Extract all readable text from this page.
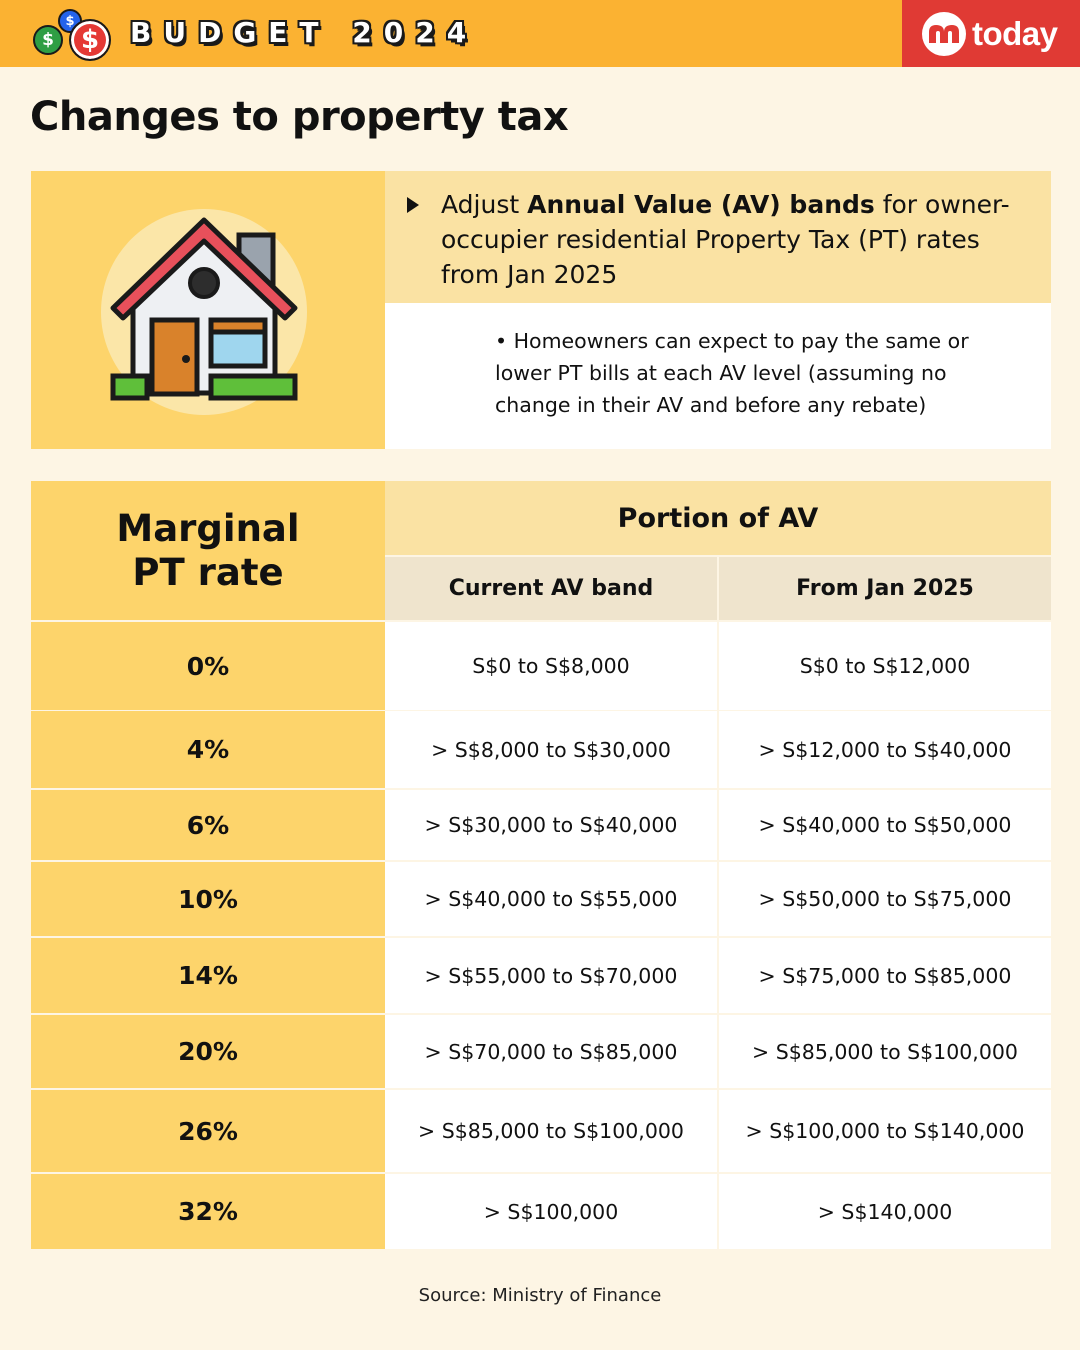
$
$
$	BUDGET 2024	today
Changes to property tax

Adjust Annual Value (AV) bands for owner-occupier residential Property Tax (PT) rates from Jan 2025

• Homeowners can expect to pay the same or lower PT bills at each AV level (assuming no change in their AV and before any rebate)

Marginal
PT rate
Portion of AV
Current AV band	From Jan 2025
0%	S$0 to S$8,000	S$0 to S$12,000
4%	> S$8,000 to S$30,000	> S$12,000 to S$40,000
6%	> S$30,000 to S$40,000	> S$40,000 to S$50,000
10%	> S$40,000 to S$55,000	> S$50,000 to S$75,000
14%	> S$55,000 to S$70,000	> S$75,000 to S$85,000
20%	> S$70,000 to S$85,000	> S$85,000 to S$100,000
26%	> S$85,000 to S$100,000	> S$100,000 to S$140,000
32%	> S$100,000	> S$140,000
Source: Ministry of Finance
